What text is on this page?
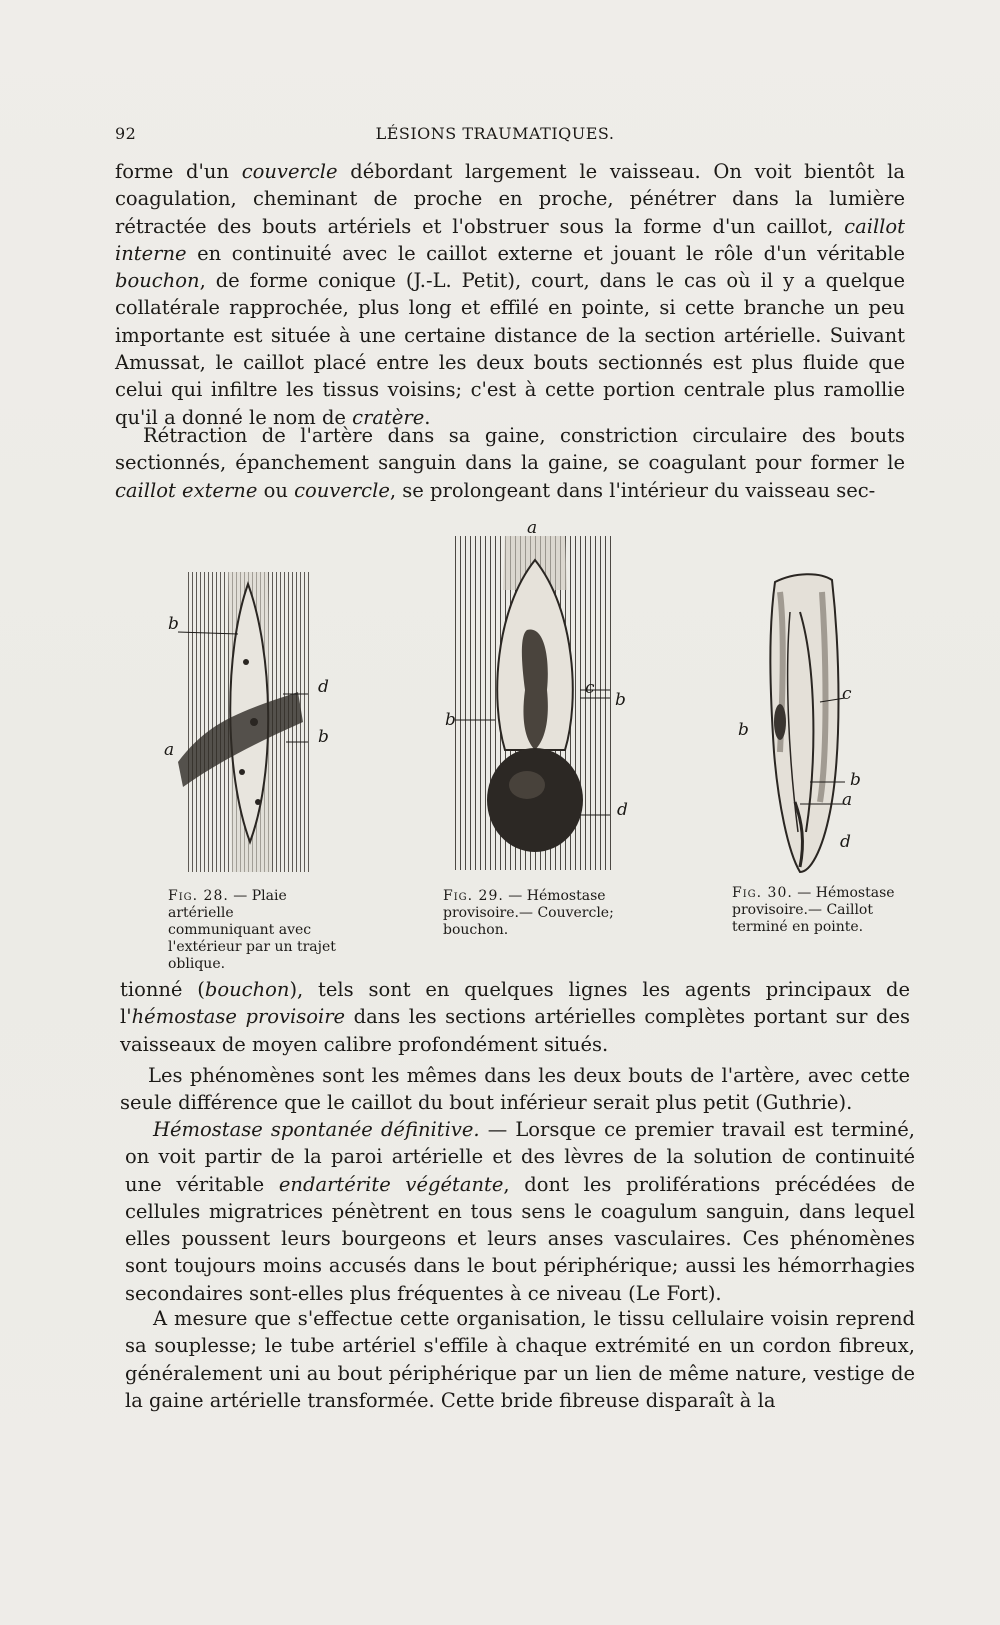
92	LÉSIONS TRAUMATIQUES.

forme d'un couvercle débordant largement le vaisseau. On voit bientôt la coagulation, cheminant de proche en proche, pénétrer dans la lumière rétractée des bouts artériels et l'obstruer sous la forme d'un caillot, caillot interne en continuité avec le caillot externe et jouant le rôle d'un véritable bouchon, de forme conique (J.-L. Petit), court, dans le cas où il y a quelque collatérale rapprochée, plus long et effilé en pointe, si cette branche un peu importante est située à une certaine distance de la section artérielle. Suivant Amussat, le caillot placé entre les deux bouts sectionnés est plus fluide que celui qui infiltre les tissus voisins; c'est à cette portion centrale plus ramollie qu'il a donné le nom de cratère.

Rétraction de l'artère dans sa gaine, constriction circulaire des bouts sectionnés, épanchement sanguin dans la gaine, se coagulant pour former le caillot externe ou couvercle, se prolongeant dans l'intérieur du vaisseau sec-

b
d
b
a

Fig. 28. — Plaie artérielle communiquant avec l'extérieur par un trajet oblique.

a
c
b
b
d

Fig. 29. — Hémostase provisoire.— Couvercle; bouchon.

c
b
b
a
d

Fig. 30. — Hémostase provisoire.— Caillot terminé en pointe.

tionné (bouchon), tels sont en quelques lignes les agents principaux de l'hémostase provisoire dans les sections artérielles complètes portant sur des vaisseaux de moyen calibre profondément situés.

Les phénomènes sont les mêmes dans les deux bouts de l'artère, avec cette seule différence que le caillot du bout inférieur serait plus petit (Guthrie).

Hémostase spontanée définitive. — Lorsque ce premier travail est terminé, on voit partir de la paroi artérielle et des lèvres de la solution de continuité une véritable endartérite végétante, dont les proliférations précédées de cellules migratrices pénètrent en tous sens le coagulum sanguin, dans lequel elles poussent leurs bourgeons et leurs anses vasculaires. Ces phénomènes sont toujours moins accusés dans le bout périphérique; aussi les hémorrhagies secondaires sont-elles plus fréquentes à ce niveau (Le Fort).

A mesure que s'effectue cette organisation, le tissu cellulaire voisin reprend sa souplesse; le tube artériel s'effile à chaque extrémité en un cordon fibreux, généralement uni au bout périphérique par un lien de même nature, vestige de la gaine artérielle transformée. Cette bride fibreuse disparaît à la
